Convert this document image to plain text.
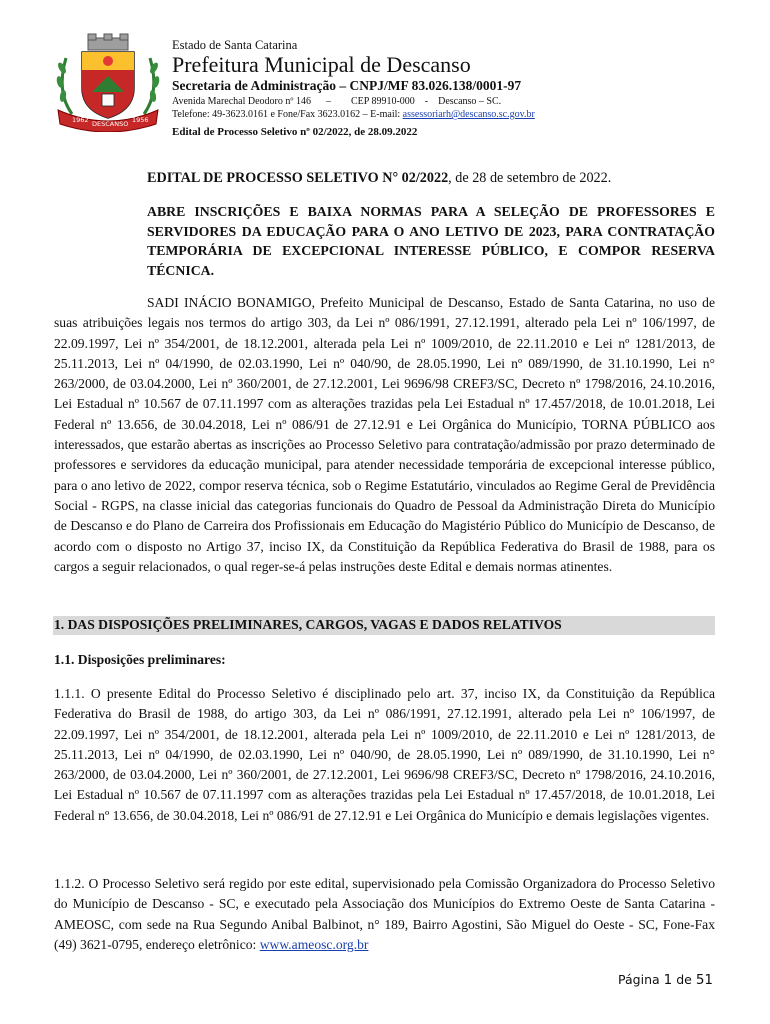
1962 DESCANSO 1956
Estado de Santa Catarina
Prefeitura Municipal de Descanso
Secretaria de Administração – CNPJ/MF 83.026.138/0001-97
Avenida Marechal Deodoro nº 146      –        CEP 89910-000    -    Descanso – SC.
Telefone: 49-3623.0161 e Fone/Fax 3623.0162 – E-mail: assessoriarh@descanso.sc.gov.br
Edital de Processo Seletivo nº 02/2022, de 28.09.2022
EDITAL DE PROCESSO SELETIVO N° 02/2022, de 28 de setembro de 2022.
ABRE INSCRIÇÕES E BAIXA NORMAS PARA A SELEÇÃO DE PROFESSORES E SERVIDORES DA EDUCAÇÃO PARA O ANO LETIVO DE 2023, PARA CONTRATAÇÃO TEMPORÁRIA DE EXCEPCIONAL INTERESSE PÚBLICO, E COMPOR RESERVA TÉCNICA.
SADI INÁCIO BONAMIGO, Prefeito Municipal de Descanso, Estado de Santa Catarina, no uso de suas atribuições legais nos termos do artigo 303, da Lei nº 086/1991, 27.12.1991, alterado pela Lei nº 106/1997, de 22.09.1997, Lei nº 354/2001, de 18.12.2001, alterada pela Lei nº 1009/2010, de 22.11.2010 e Lei nº 1281/2013, de 25.11.2013, Lei nº 04/1990, de 02.03.1990, Lei nº 040/90, de 28.05.1990, Lei nº 089/1990, de 31.10.1990, Lei n° 263/2000, de 03.04.2000, Lei nº 360/2001, de 27.12.2001, Lei 9696/98 CREF3/SC, Decreto nº 1798/2016, 24.10.2016, Lei Estadual nº 10.567 de 07.11.1997 com as alterações trazidas pela Lei Estadual nº 17.457/2018, de 10.01.2018, Lei Federal nº 13.656, de 30.04.2018, Lei nº 086/91 de 27.12.91 e Lei Orgânica do Município, TORNA PÚBLICO aos interessados, que estarão abertas as inscrições ao Processo Seletivo para contratação/admissão por prazo determinado de professores e servidores da educação municipal, para atender necessidade temporária de excepcional interesse público, para o ano letivo de 2022, compor reserva técnica, sob o Regime Estatutário, vinculados ao Regime Geral de Previdência Social - RGPS, na classe inicial das categorias funcionais do Quadro de Pessoal da Administração Direta do Município de Descanso e do Plano de Carreira dos Profissionais em Educação do Magistério Público do Município de Descanso, de acordo com o disposto no Artigo 37, inciso IX, da Constituição da República Federativa do Brasil de 1988, para os cargos a seguir relacionados, o qual reger-se-á pelas instruções deste Edital e demais normas atinentes.
1. DAS DISPOSIÇÕES PRELIMINARES, CARGOS, VAGAS E DADOS RELATIVOS
1.1. Disposições preliminares:
1.1.1. O presente Edital do Processo Seletivo é disciplinado pelo art. 37, inciso IX, da Constituição da República Federativa do Brasil de 1988, do artigo 303, da Lei nº 086/1991, 27.12.1991, alterado pela Lei nº 106/1997, de 22.09.1997, Lei nº 354/2001, de 18.12.2001, alterada pela Lei nº 1009/2010, de 22.11.2010 e Lei nº 1281/2013, de 25.11.2013, Lei nº 04/1990, de 02.03.1990, Lei nº 040/90, de 28.05.1990, Lei nº 089/1990, de 31.10.1990, Lei n° 263/2000, de 03.04.2000, Lei nº 360/2001, de 27.12.2001, Lei 9696/98 CREF3/SC, Decreto nº 1798/2016, 24.10.2016, Lei Estadual nº 10.567 de 07.11.1997 com as alterações trazidas pela Lei Estadual nº 17.457/2018, de 10.01.2018, Lei Federal nº 13.656, de 30.04.2018, Lei nº 086/91 de 27.12.91 e Lei Orgânica do Município e demais legislações vigentes.
1.1.2. O Processo Seletivo será regido por este edital, supervisionado pela Comissão Organizadora do Processo Seletivo do Município de Descanso - SC, e executado pela Associação dos Municípios do Extremo Oeste de Santa Catarina - AMEOSC, com sede na Rua Segundo Anibal Balbinot, n° 189, Bairro Agostini, São Miguel do Oeste - SC, Fone-Fax (49) 3621-0795, endereço eletrônico: www.ameosc.org.br
Página 1 de 51
